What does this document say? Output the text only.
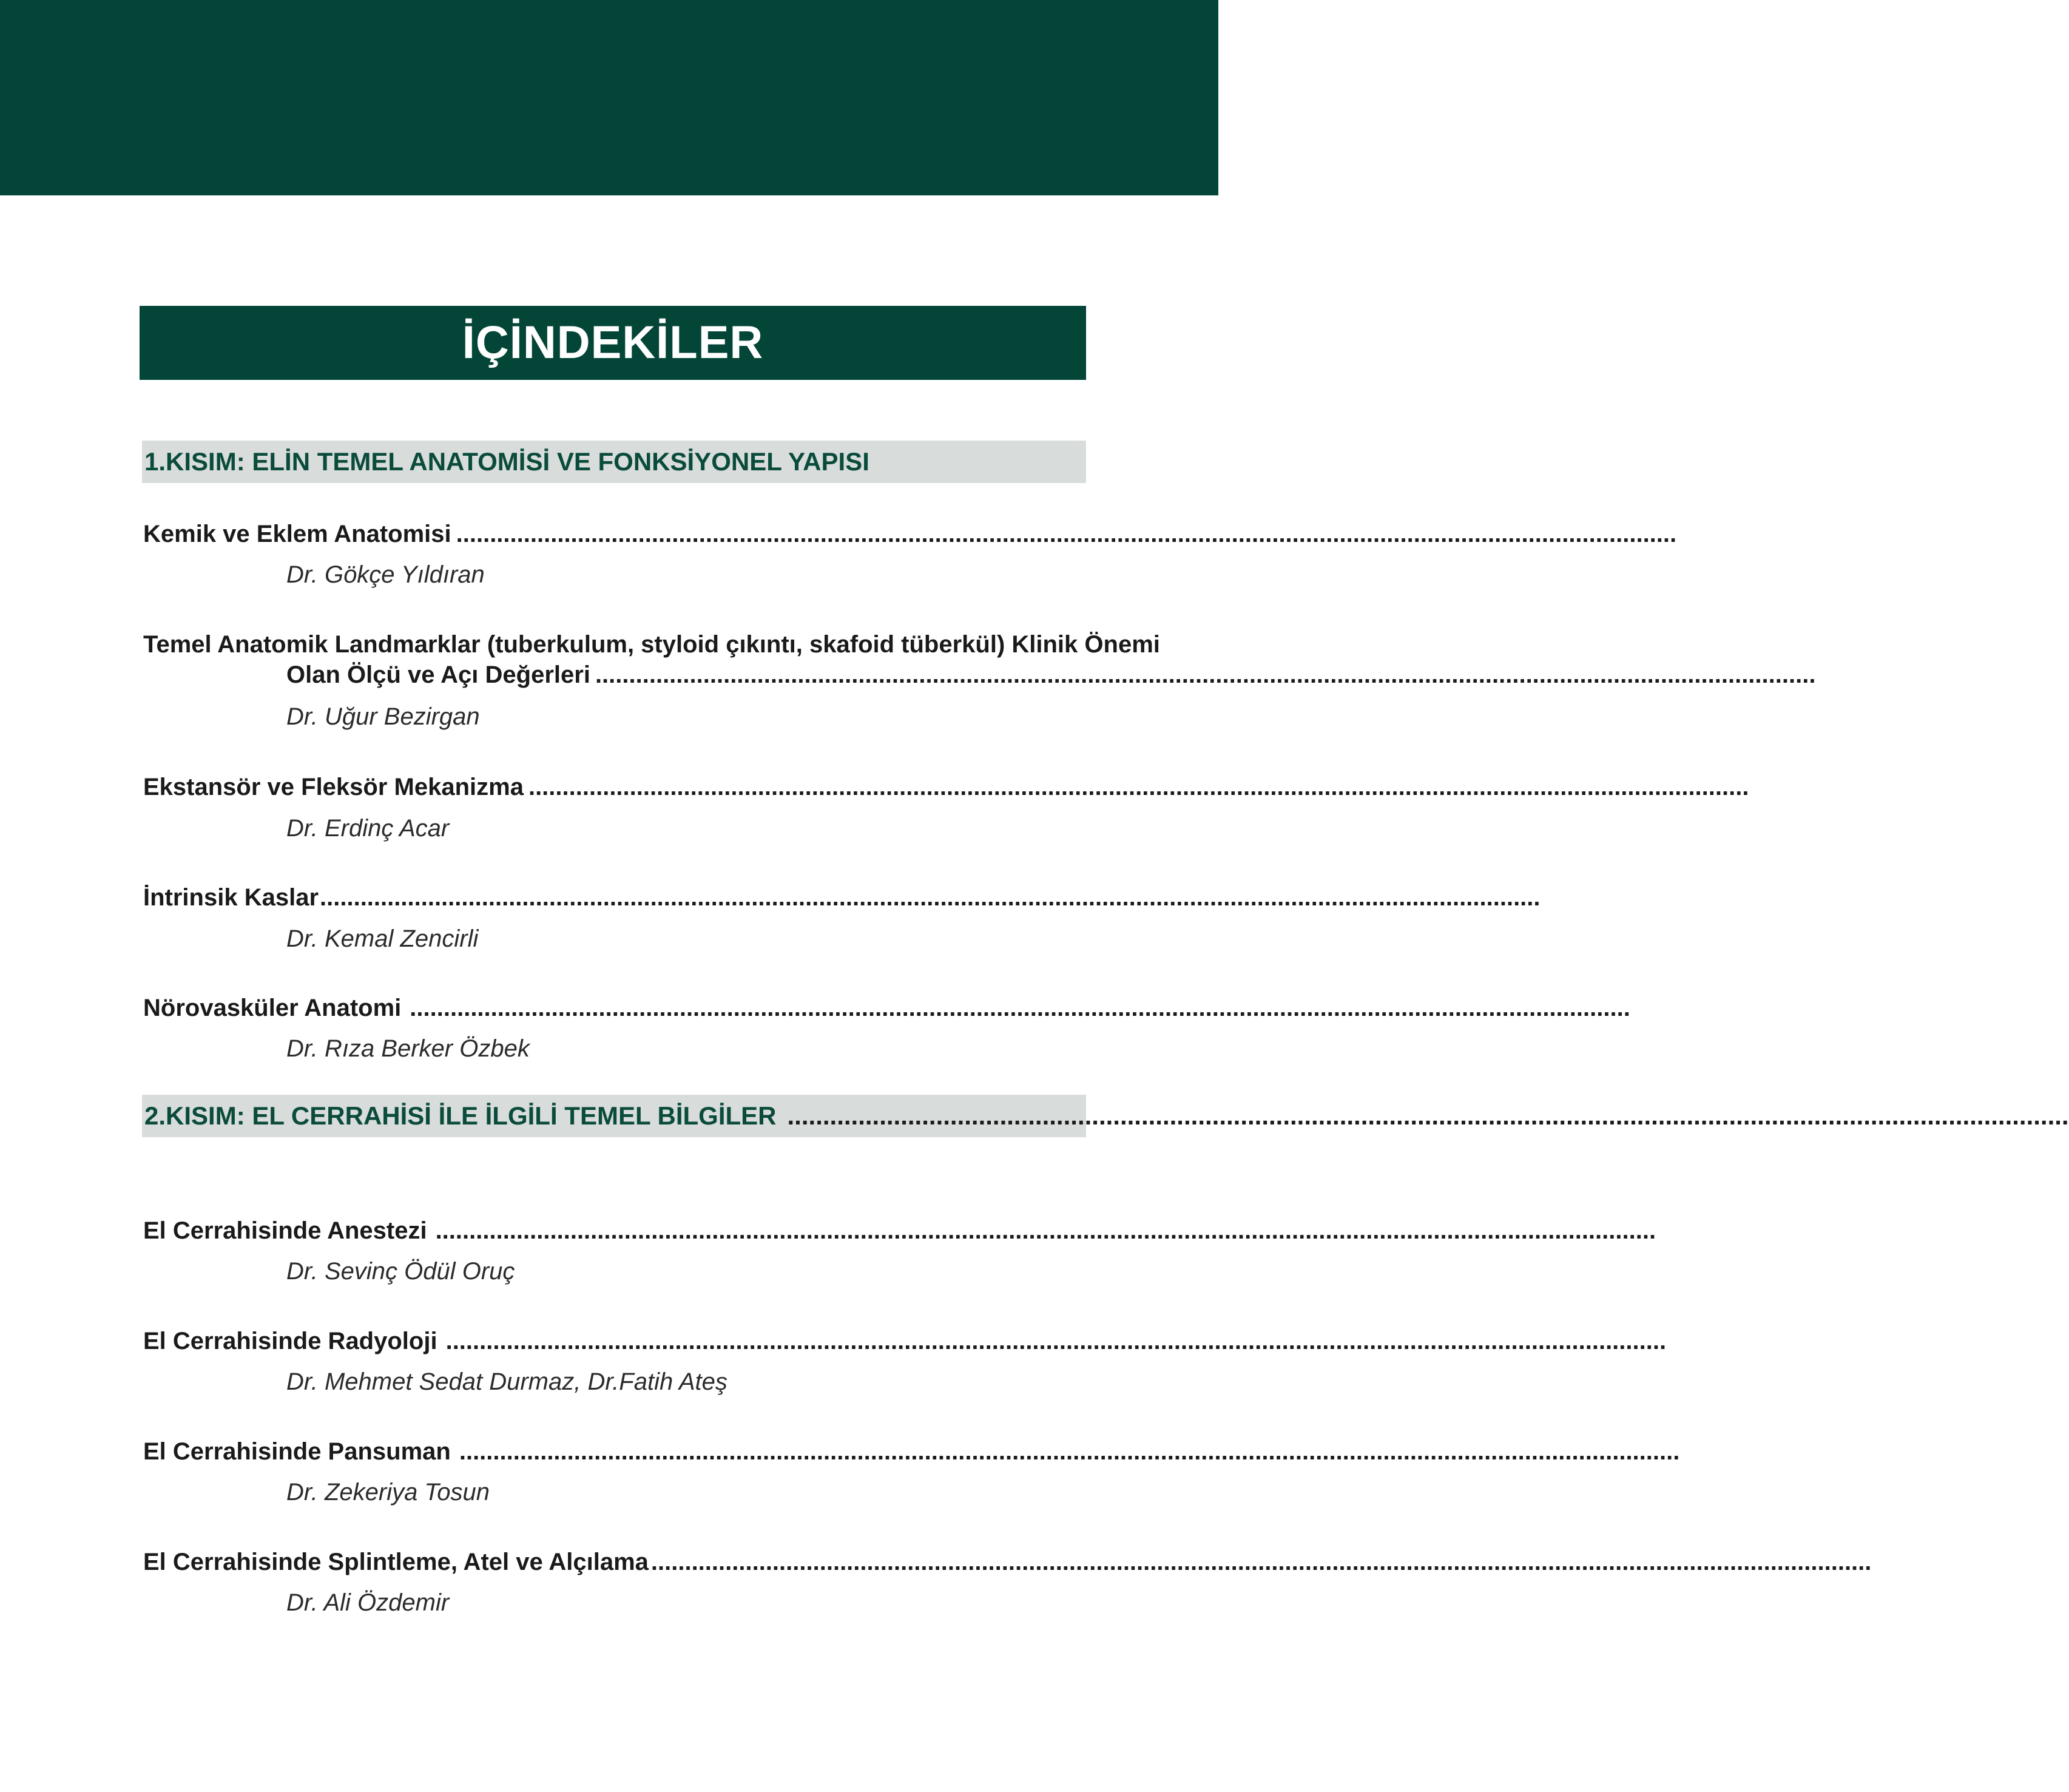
İÇİNDEKİLER
1.KISIM: ELİN TEMEL ANATOMİSİ VE FONKSİYONEL YAPISI
Kemik ve Eklem Anatomisi .....................................................................................................................................................................................
Dr. Gökçe Yıldıran
Temel Anatomik Landmarklar (tuberkulum, styloid çıkıntı, skafoid tüberkül) Klinik Önemi
Olan Ölçü ve Açı Değerleri .....................................................................................................................................................................................
Dr. Uğur Bezirgan
Ekstansör ve Fleksör Mekanizma .....................................................................................................................................................................................
Dr. Erdinç Acar
İntrinsik Kaslar .....................................................................................................................................................................................
Dr. Kemal Zencirli
Nörovasküler Anatomi .....................................................................................................................................................................................
Dr. Rıza Berker Özbek
2.KISIM: EL CERRAHİSİ İLE İLGİLİ TEMEL BİLGİLER .....................................................................................................................................................................................
El Cerrahisinde Anestezi .....................................................................................................................................................................................
Dr. Sevinç Ödül Oruç
El Cerrahisinde Radyoloji .....................................................................................................................................................................................
Dr. Mehmet Sedat Durmaz, Dr.Fatih Ateş
El Cerrahisinde Pansuman .....................................................................................................................................................................................
Dr. Zekeriya Tosun
El Cerrahisinde Splintleme, Atel ve Alçılama .....................................................................................................................................................................................
Dr. Ali Özdemir
